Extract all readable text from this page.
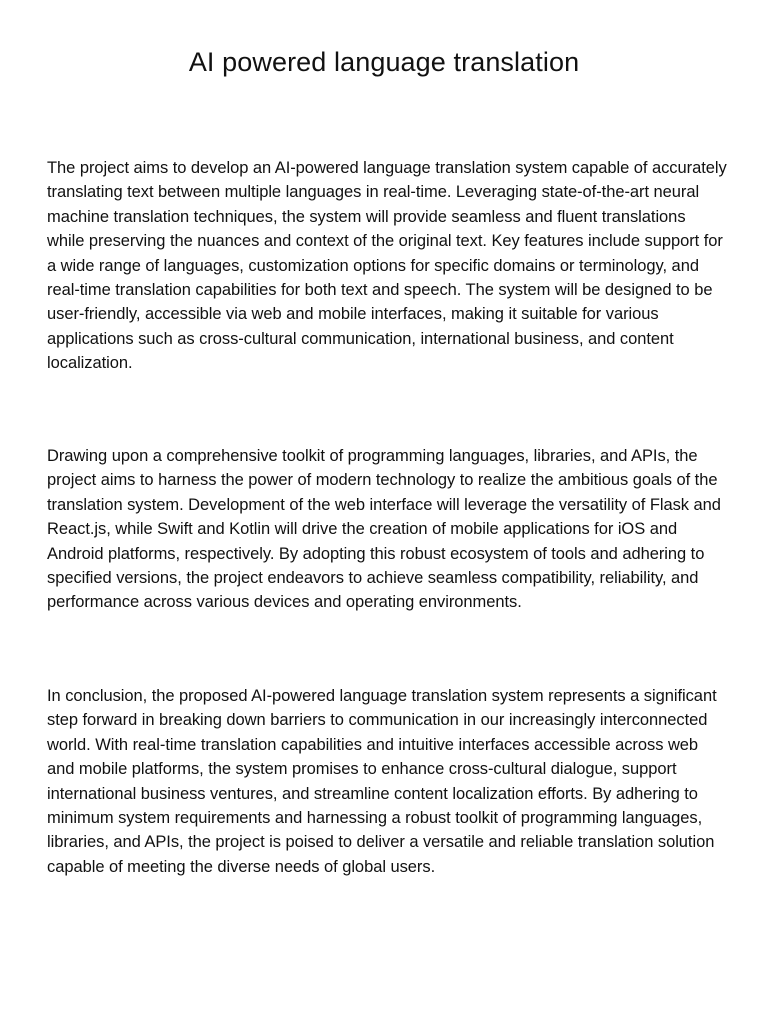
AI powered language translation

The project aims to develop an AI-powered language translation system capable of accurately translating text between multiple languages in real-time. Leveraging state-of-the-art neural machine translation techniques, the system will provide seamless and fluent translations while preserving the nuances and context of the original text. Key features include support for a wide range of languages, customization options for specific domains or terminology, and real-time translation capabilities for both text and speech. The system will be designed to be user-friendly, accessible via web and mobile interfaces, making it suitable for various applications such as cross-cultural communication, international business, and content localization.

Drawing upon a comprehensive toolkit of programming languages, libraries, and APIs, the project aims to harness the power of modern technology to realize the ambitious goals of the translation system. Development of the web interface will leverage the versatility of Flask and React.js, while Swift and Kotlin will drive the creation of mobile applications for iOS and Android platforms, respectively. By adopting this robust ecosystem of tools and adhering to specified versions, the project endeavors to achieve seamless compatibility, reliability, and performance across various devices and operating environments.

In conclusion, the proposed AI-powered language translation system represents a significant step forward in breaking down barriers to communication in our increasingly interconnected world. With real-time translation capabilities and intuitive interfaces accessible across web and mobile platforms, the system promises to enhance cross-cultural dialogue, support international business ventures, and streamline content localization efforts. By adhering to minimum system requirements and harnessing a robust toolkit of programming languages, libraries, and APIs, the project is poised to deliver a versatile and reliable translation solution capable of meeting the diverse needs of global users.
